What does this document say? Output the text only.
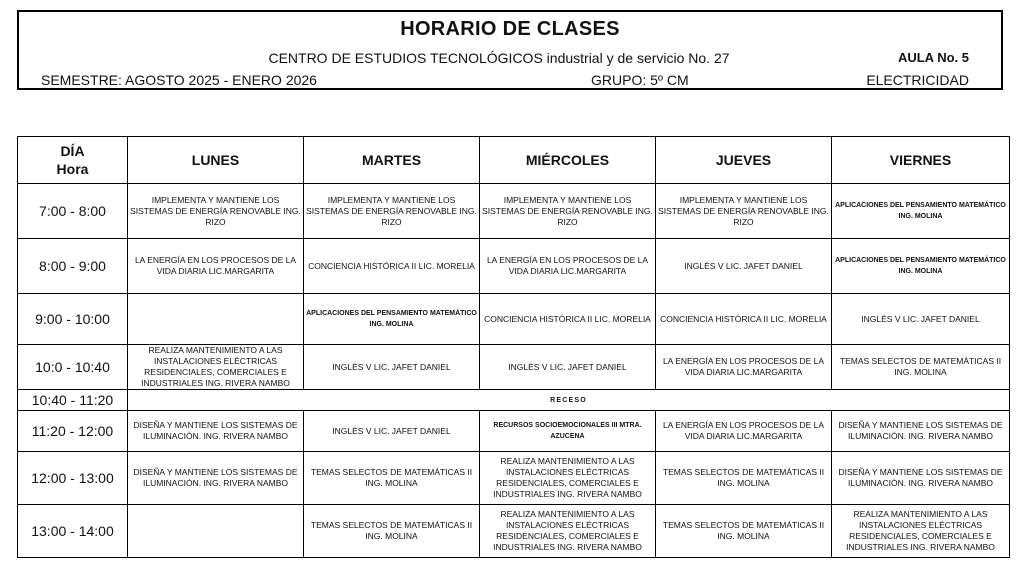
HORARIO DE CLASES
CENTRO DE ESTUDIOS TECNOLÓGICOS industrial y de servicio No. 27	AULA No. 5
SEMESTRE: AGOSTO 2025 - ENERO 2026	GRUPO: 5º CM	ELECTRICIDAD
DÍA
Hora	LUNES	MARTES	MIÉRCOLES	JUEVES	VIERNES
7:00 - 8:00	IMPLEMENTA Y MANTIENE LOS SISTEMAS DE ENERGÍA RENOVABLE ING. RIZO	IMPLEMENTA Y MANTIENE LOS SISTEMAS DE ENERGÍA RENOVABLE ING. RIZO	IMPLEMENTA Y MANTIENE LOS SISTEMAS DE ENERGÍA RENOVABLE ING. RIZO	IMPLEMENTA Y MANTIENE LOS SISTEMAS DE ENERGÍA RENOVABLE ING. RIZO	APLICACIONES DEL PENSAMIENTO MATEMÁTICO ING. MOLINA
8:00 - 9:00	LA ENERGÍA EN LOS PROCESOS DE LA VIDA DIARIA LIC.MARGARITA	CONCIENCIA HISTÓRICA II LIC. MORELIA	LA ENERGÍA EN LOS PROCESOS DE LA VIDA DIARIA LIC.MARGARITA	INGLÉS V LIC. JAFET DANIEL	APLICACIONES DEL PENSAMIENTO MATEMÁTICO ING. MOLINA
9:00 - 10:00		APLICACIONES DEL PENSAMIENTO MATEMÁTICO ING. MOLINA	CONCIENCIA HISTÓRICA II LIC. MORELIA	CONCIENCIA HISTÓRICA II LIC. MORELIA	INGLÉS V LIC. JAFET DANIEL
10:0 - 10:40	REALIZA MANTENIMIENTO A LAS INSTALACIONES ELÉCTRICAS RESIDENCIALES, COMERCIALES E INDUSTRIALES ING. RIVERA NAMBO	INGLÉS V LIC. JAFET DANIEL	INGLÉS V LIC. JAFET DANIEL	LA ENERGÍA EN LOS PROCESOS DE LA VIDA DIARIA LIC.MARGARITA	TEMAS SELECTOS DE MATEMÁTICAS II ING. MOLINA
10:40 - 11:20	RECESO				
11:20 - 12:00	DISEÑA Y MANTIENE LOS SISTEMAS DE ILUMINACIÓN. ING. RIVERA NAMBO	INGLÉS V LIC. JAFET DANIEL	RECURSOS SOCIOEMOCIONALES III MTRA. AZUCENA	LA ENERGÍA EN LOS PROCESOS DE LA VIDA DIARIA LIC.MARGARITA	DISEÑA Y MANTIENE LOS SISTEMAS DE ILUMINACIÓN. ING. RIVERA NAMBO
12:00 - 13:00	DISEÑA Y MANTIENE LOS SISTEMAS DE ILUMINACIÓN. ING. RIVERA NAMBO	TEMAS SELECTOS DE MATEMÁTICAS II ING. MOLINA	REALIZA MANTENIMIENTO A LAS INSTALACIONES ELÉCTRICAS RESIDENCIALES, COMERCIALES E INDUSTRIALES ING. RIVERA NAMBO	TEMAS SELECTOS DE MATEMÁTICAS II ING. MOLINA	DISEÑA Y MANTIENE LOS SISTEMAS DE ILUMINACIÓN. ING. RIVERA NAMBO
13:00 - 14:00		TEMAS SELECTOS DE MATEMÁTICAS II ING. MOLINA	REALIZA MANTENIMIENTO A LAS INSTALACIONES ELÉCTRICAS RESIDENCIALES, COMERCIALES E INDUSTRIALES ING. RIVERA NAMBO	TEMAS SELECTOS DE MATEMÁTICAS II ING. MOLINA	REALIZA MANTENIMIENTO A LAS INSTALACIONES ELÉCTRICAS RESIDENCIALES, COMERCIALES E INDUSTRIALES ING. RIVERA NAMBO
